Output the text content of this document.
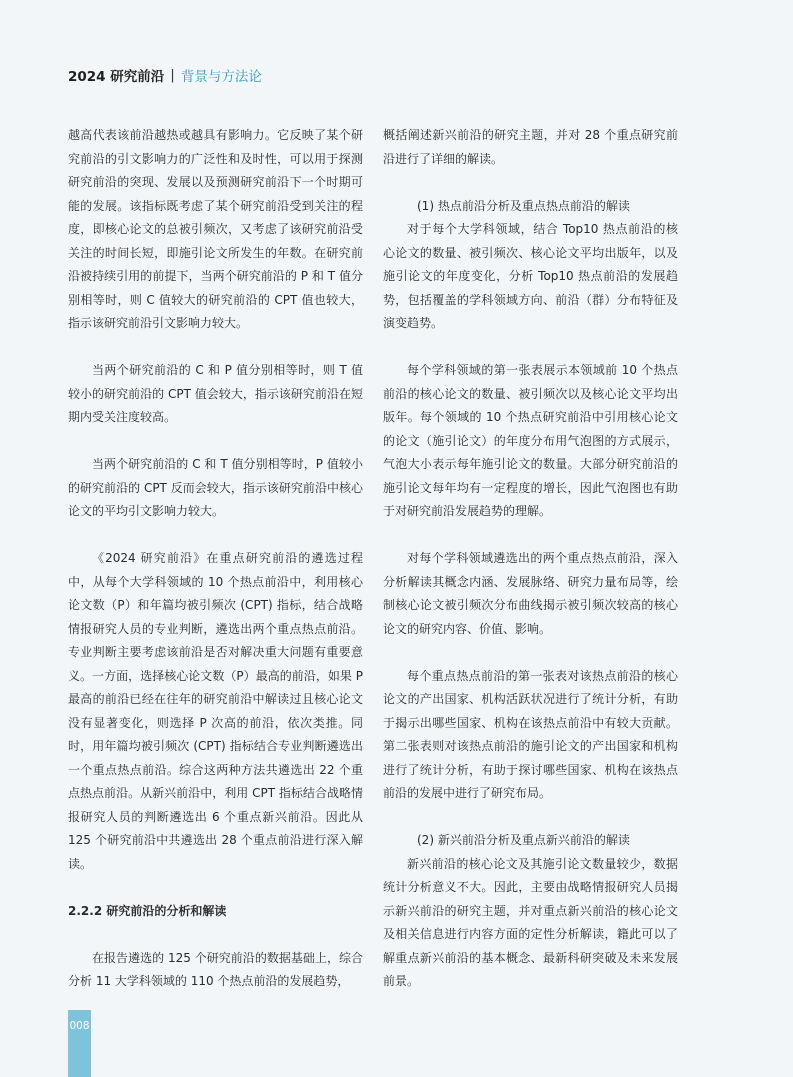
2024 研究前沿 | 背景与方法论

越高代表该前沿越热或越具有影响力。它反映了某个研究前沿的引文影响力的广泛性和及时性，可以用于探测研究前沿的突现、发展以及预测研究前沿下一个时期可能的发展。该指标既考虑了某个研究前沿受到关注的程度，即核心论文的总被引频次，又考虑了该研究前沿受关注的时间长短，即施引论文所发生的年数。在研究前沿被持续引用的前提下，当两个研究前沿的 P 和 T 值分别相等时，则 C 值较大的研究前沿的 CPT 值也较大，指示该研究前沿引文影响力较大。

当两个研究前沿的 C 和 P 值分别相等时，则 T 值较小的研究前沿的 CPT 值会较大，指示该研究前沿在短期内受关注度较高。

当两个研究前沿的 C 和 T 值分别相等时，P 值较小的研究前沿的 CPT 反而会较大，指示该研究前沿中核心论文的平均引文影响力较大。

《2024 研究前沿》在重点研究前沿的遴选过程中，从每个大学科领域的 10 个热点前沿中，利用核心论文数（P）和年篇均被引频次 (CPT) 指标，结合战略情报研究人员的专业判断，遴选出两个重点热点前沿。专业判断主要考虑该前沿是否对解决重大问题有重要意义。一方面，选择核心论文数（P）最高的前沿，如果 P 最高的前沿已经在往年的研究前沿中解读过且核心论文没有显著变化，则选择 P 次高的前沿，依次类推。同时，用年篇均被引频次 (CPT) 指标结合专业判断遴选出一个重点热点前沿。综合这两种方法共遴选出 22 个重点热点前沿。从新兴前沿中，利用 CPT 指标结合战略情报研究人员的判断遴选出 6 个重点新兴前沿。因此从 125 个研究前沿中共遴选出 28 个重点前沿进行深入解读。

2.2.2 研究前沿的分析和解读

在报告遴选的 125 个研究前沿的数据基础上，综合分析 11 大学科领域的 110 个热点前沿的发展趋势，

概括阐述新兴前沿的研究主题，并对 28 个重点研究前沿进行了详细的解读。

(1) 热点前沿分析及重点热点前沿的解读

对于每个大学科领域，结合 Top10 热点前沿的核心论文的数量、被引频次、核心论文平均出版年，以及施引论文的年度变化，分析 Top10 热点前沿的发展趋势，包括覆盖的学科领域方向、前沿（群）分布特征及演变趋势。

每个学科领域的第一张表展示本领域前 10 个热点前沿的核心论文的数量、被引频次以及核心论文平均出版年。每个领域的 10 个热点研究前沿中引用核心论文的论文（施引论文）的年度分布用气泡图的方式展示，气泡大小表示每年施引论文的数量。大部分研究前沿的施引论文每年均有一定程度的增长，因此气泡图也有助于对研究前沿发展趋势的理解。

对每个学科领域遴选出的两个重点热点前沿，深入分析解读其概念内涵、发展脉络、研究力量布局等，绘制核心论文被引频次分布曲线揭示被引频次较高的核心论文的研究内容、价值、影响。

每个重点热点前沿的第一张表对该热点前沿的核心论文的产出国家、机构活跃状况进行了统计分析，有助于揭示出哪些国家、机构在该热点前沿中有较大贡献。第二张表则对该热点前沿的施引论文的产出国家和机构进行了统计分析，有助于探讨哪些国家、机构在该热点前沿的发展中进行了研究布局。

(2) 新兴前沿分析及重点新兴前沿的解读

新兴前沿的核心论文及其施引论文数量较少，数据统计分析意义不大。因此，主要由战略情报研究人员揭示新兴前沿的研究主题，并对重点新兴前沿的核心论文及相关信息进行内容方面的定性分析解读，籍此可以了解重点新兴前沿的基本概念、最新科研突破及未来发展前景。

008
